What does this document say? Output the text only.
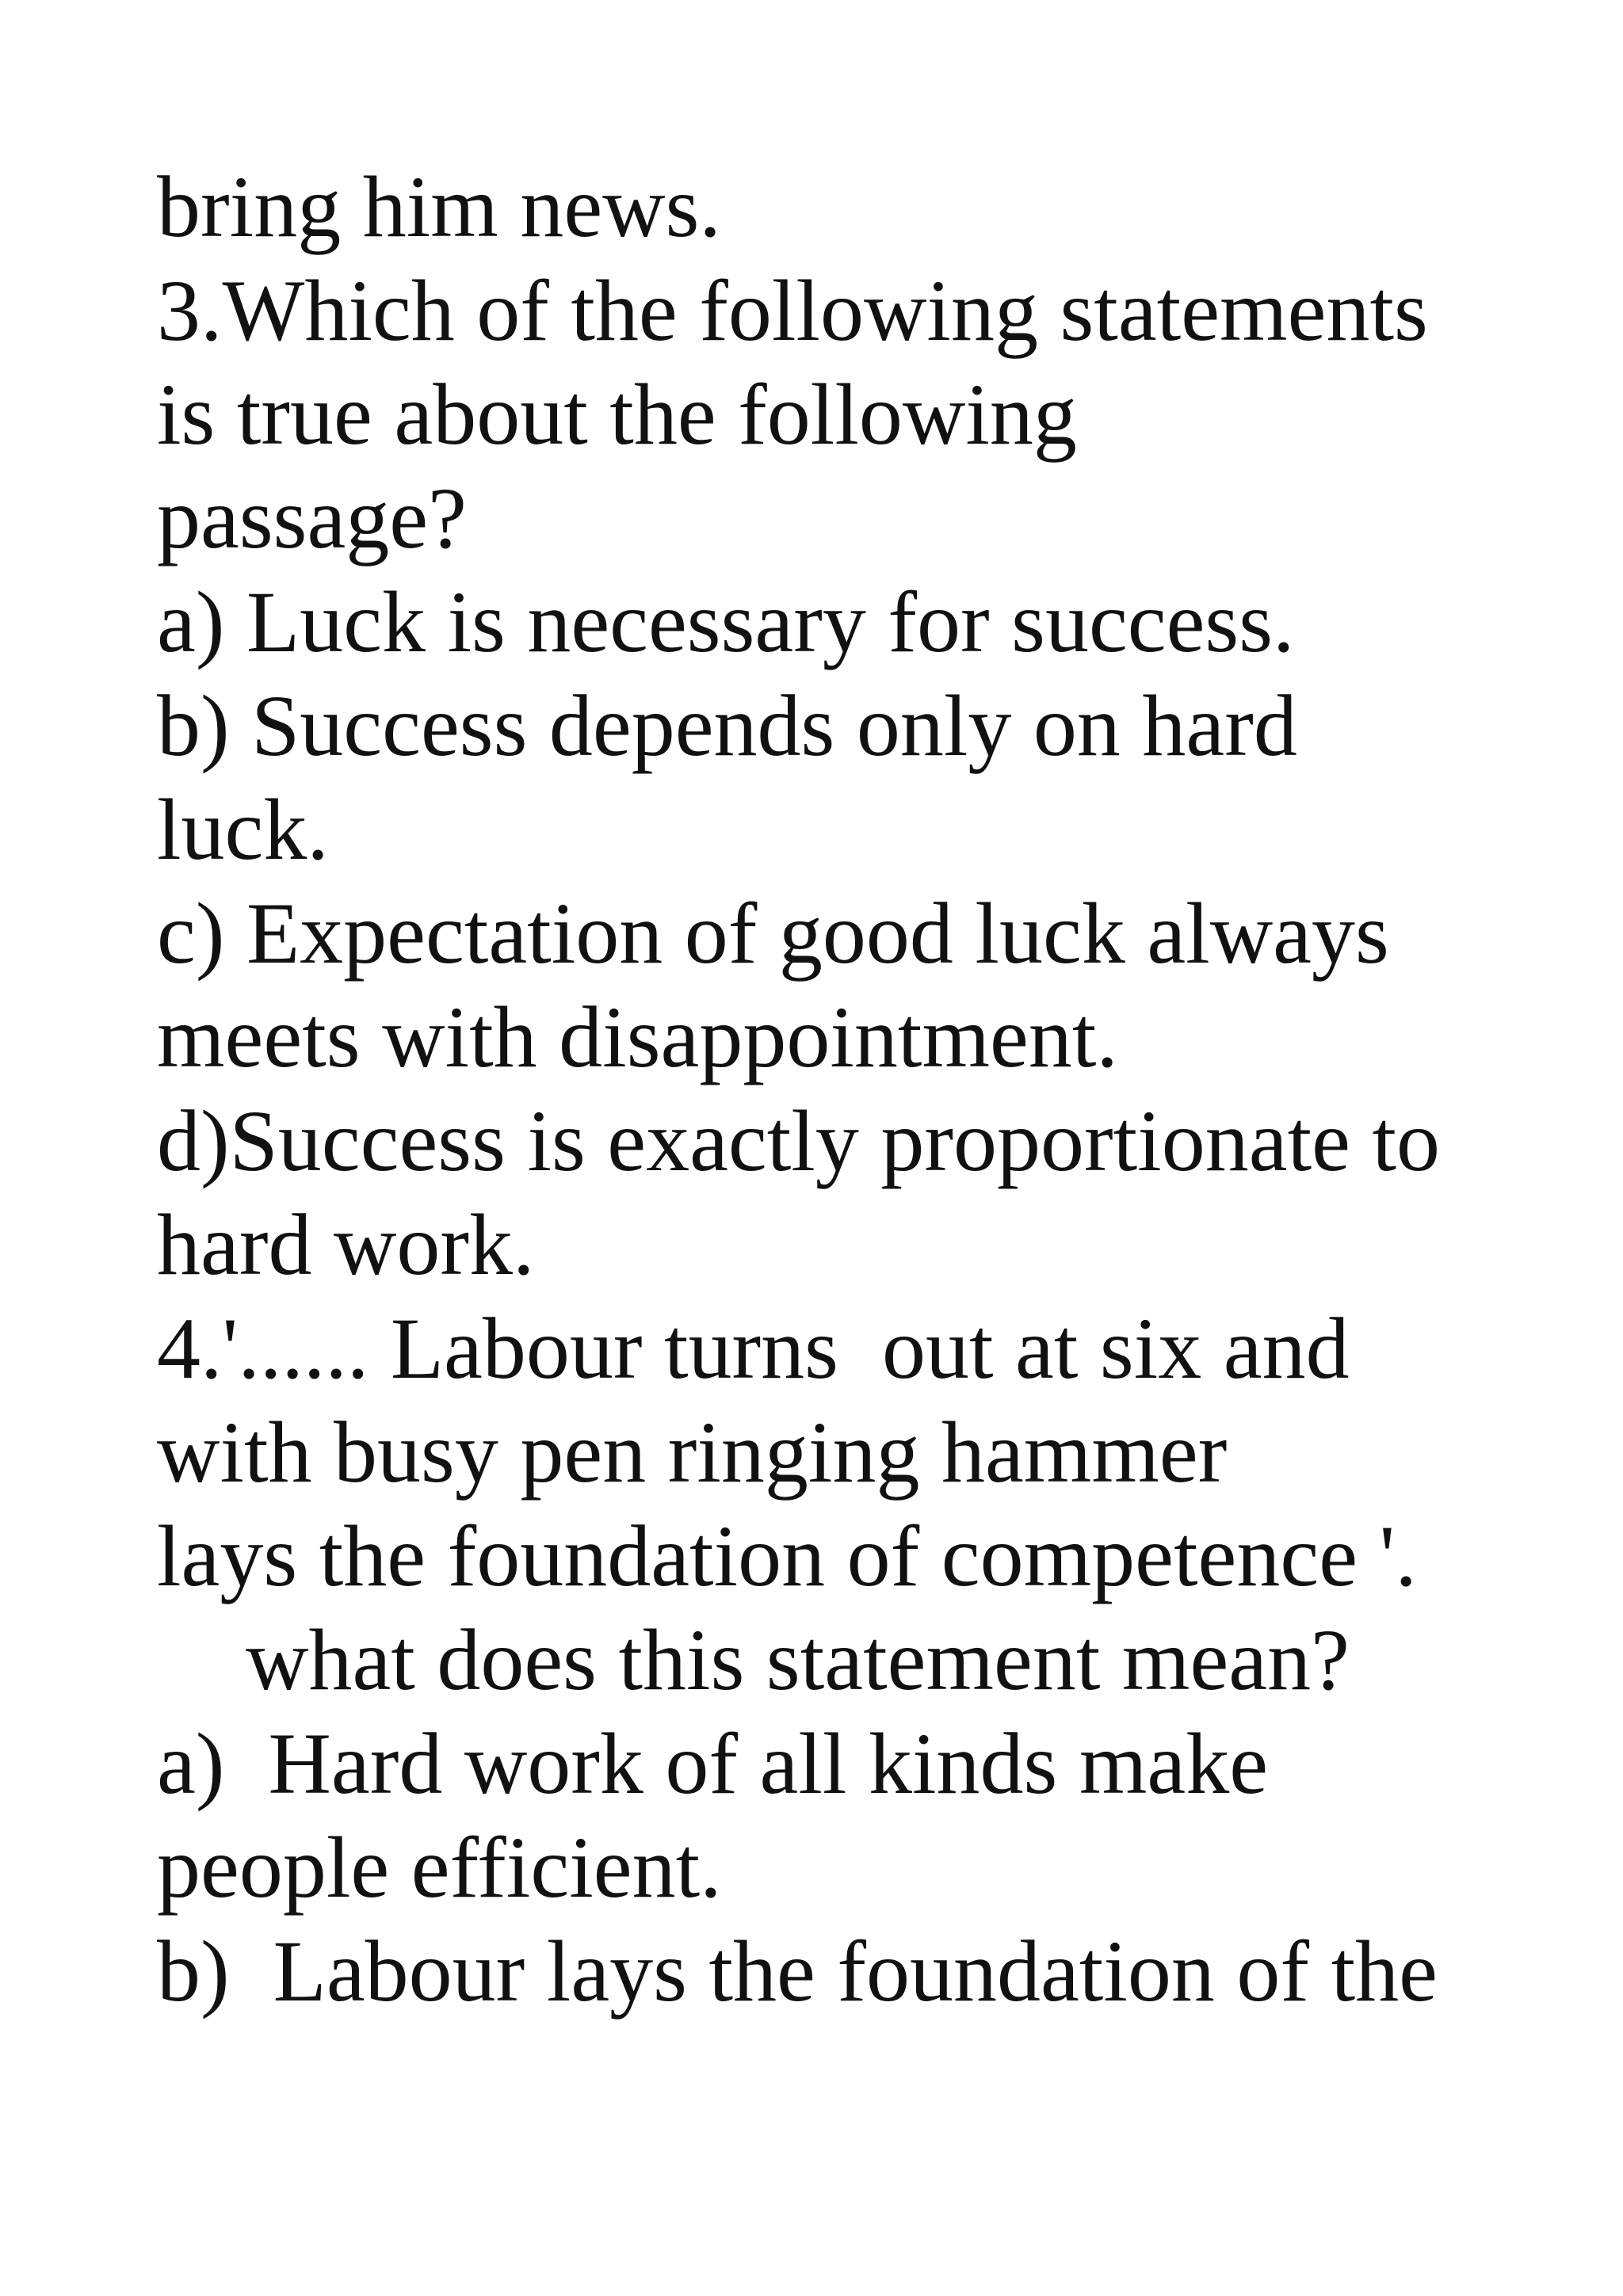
bring him news.
3.Which of the following statements
is true about the following
passage?
a) Luck is necessary for success.
b) Success depends only on hard
luck.
c) Expectation of good luck always
meets with disappointment.
d)Success is exactly proportionate to
hard work.
4.'...... Labour turns  out at six and
with busy pen ringing hammer
lays the foundation of competence '.
what does this statement mean?
a)  Hard work of all kinds make
people efficient.
b)  Labour lays the foundation of the
